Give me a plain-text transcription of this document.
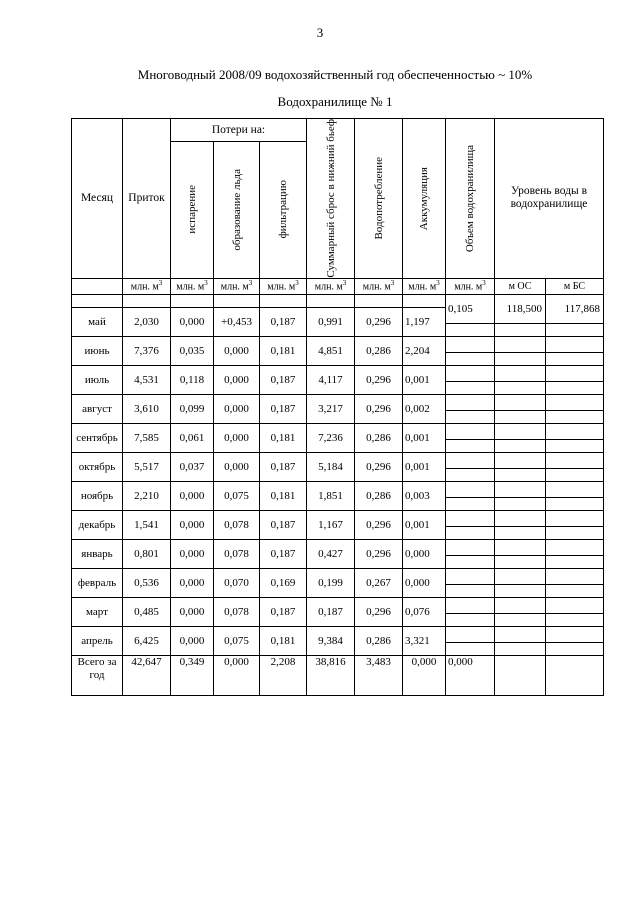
3
Многоводный 2008/09 водохозяйственный год обеспеченностью ~ 10%
Водохранилище № 1
Месяц	Приток	Потери на:			Суммарный сброс в нижний бьеф	Водопотребление	Аккумуляция	Объем водохранилища	Уровень воды в водохранилище		

		испарение	образование льда	фильтрацию							

	млн. $м^3$	млн. $м^3$	млн. $м^3$	млн. $м^3$	млн. $м^3$	млн. $м^3$	млн. $м^3$	млн. $м^3$	м ОС	м БС	
								0,105	118,500	117,868	
май	2,030	0,000	+0,453	0,187	0,991	0,296	1,197				

июнь	7,376	0,035	0,000	0,181	4,851	0,286	2,204				

июль	4,531	0,118	0,000	0,187	4,117	0,296	0,001				

август	3,610	0,099	0,000	0,187	3,217	0,296	0,002				

сентябрь	7,585	0,061	0,000	0,181	7,236	0,286	0,001				

октябрь	5,517	0,037	0,000	0,187	5,184	0,296	0,001				

ноябрь	2,210	0,000	0,075	0,181	1,851	0,286	0,003				

декабрь	1,541	0,000	0,078	0,187	1,167	0,296	0,001				

январь	0,801	0,000	0,078	0,187	0,427	0,296	0,000				

февраль	0,536	0,000	0,070	0,169	0,199	0,267	0,000				

март	0,485	0,000	0,078	0,187	0,187	0,296	0,076				

апрель	6,425	0,000	0,075	0,181	9,384	0,286	3,321				

Всего за год	42,647	0,349	0,000	2,208	38,816	3,483	0,000	0,000			
